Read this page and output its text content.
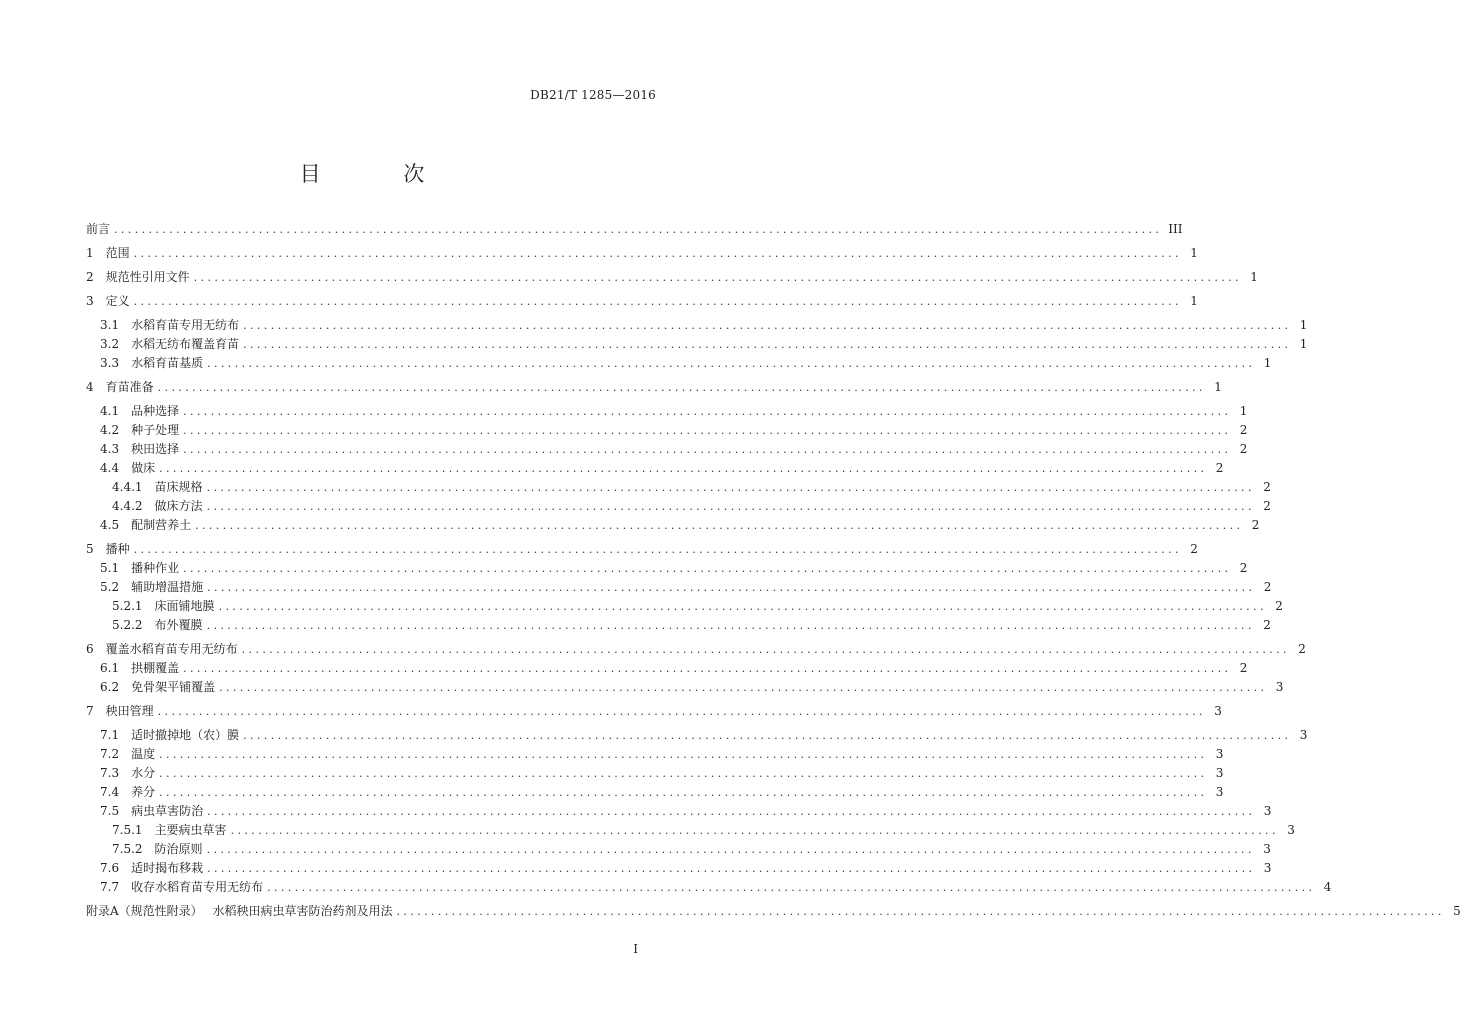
DB21/T 1285—2016
目 次
前言 ........................................................................................................................................................ III
1 范围 ........................................................................................................................................................ 1
2 规范性引用文件 ........................................................................................................................................................ 1
3 定义 ........................................................................................................................................................ 1
3.1 水稻育苗专用无纺布 ........................................................................................................................................................ 1
3.2 水稻无纺布覆盖育苗 ........................................................................................................................................................ 1
3.3 水稻育苗基质 ........................................................................................................................................................ 1
4 育苗准备 ........................................................................................................................................................ 1
4.1 品种选择 ........................................................................................................................................................ 1
4.2 种子处理 ........................................................................................................................................................ 2
4.3 秧田选择 ........................................................................................................................................................ 2
4.4 做床 ........................................................................................................................................................ 2
4.4.1 苗床规格 ........................................................................................................................................................ 2
4.4.2 做床方法 ........................................................................................................................................................ 2
4.5 配制营养土 ........................................................................................................................................................ 2
5 播种 ........................................................................................................................................................ 2
5.1 播种作业 ........................................................................................................................................................ 2
5.2 辅助增温措施 ........................................................................................................................................................ 2
5.2.1 床面铺地膜 ........................................................................................................................................................ 2
5.2.2 布外覆膜 ........................................................................................................................................................ 2
6 覆盖水稻育苗专用无纺布 ........................................................................................................................................................ 2
6.1 拱棚覆盖 ........................................................................................................................................................ 2
6.2 免骨架平铺覆盖 ........................................................................................................................................................ 3
7 秧田管理 ........................................................................................................................................................ 3
7.1 适时撤掉地（农）膜 ........................................................................................................................................................ 3
7.2 温度 ........................................................................................................................................................ 3
7.3 水分 ........................................................................................................................................................ 3
7.4 养分 ........................................................................................................................................................ 3
7.5 病虫草害防治 ........................................................................................................................................................ 3
7.5.1 主要病虫草害 ........................................................................................................................................................ 3
7.5.2 防治原则 ........................................................................................................................................................ 3
7.6 适时揭布移栽 ........................................................................................................................................................ 3
7.7 收存水稻育苗专用无纺布 ........................................................................................................................................................ 4
附录A（规范性附录）　 水稻秧田病虫草害防治药剂及用法 ........................................................................................................................................................ 5
I
